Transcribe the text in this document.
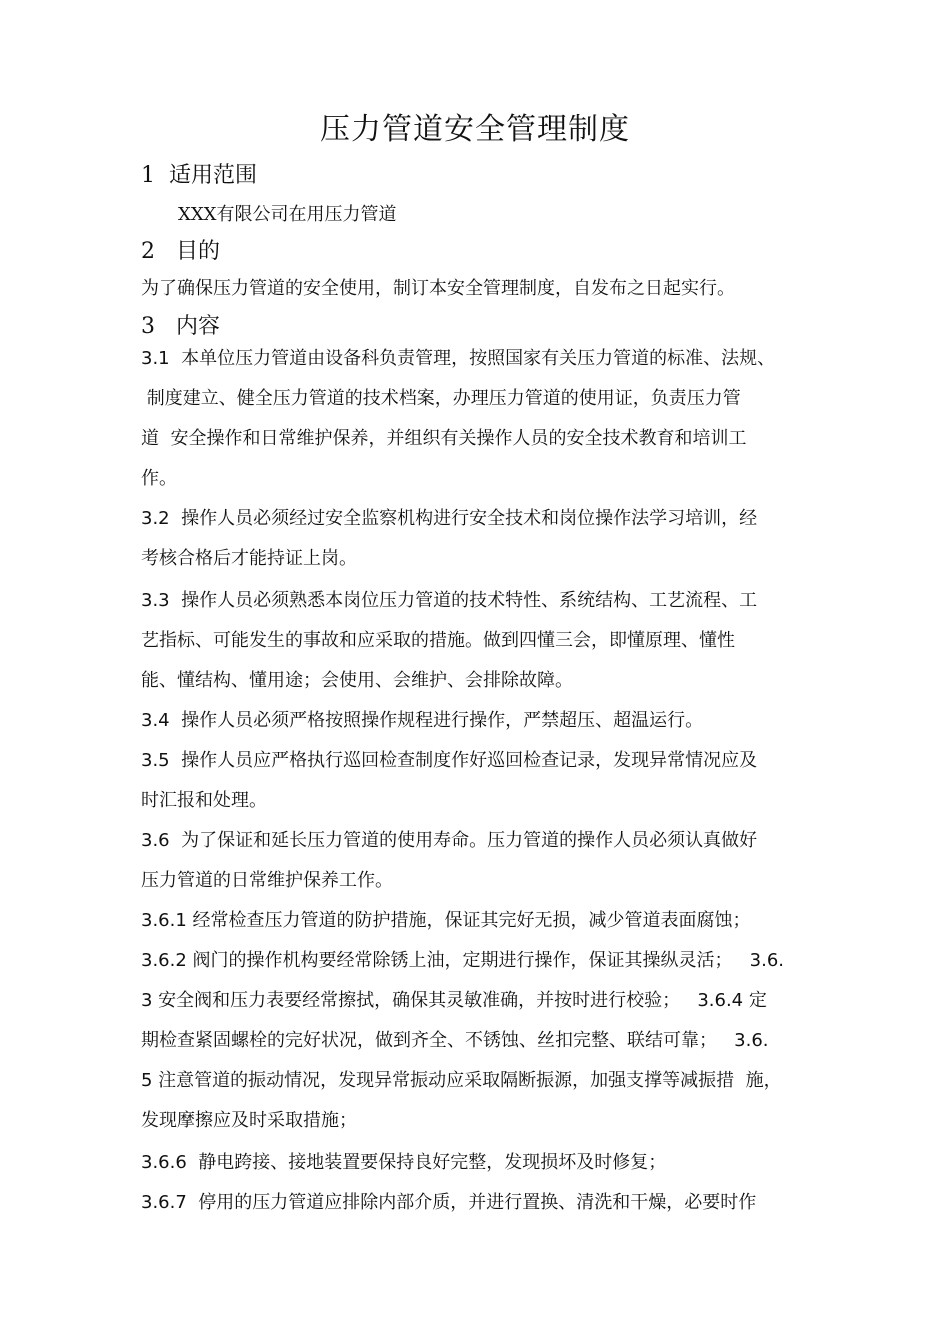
压力管道安全管理制度
1  适用范围
XXX有限公司在用压力管道
2   目的
为了确保压力管道的安全使用，制订本安全管理制度，自发布之日起实行。
3   内容
3.1  本单位压力管道由设备科负责管理，按照国家有关压力管道的标准、法规、
制度建立、健全压力管道的技术档案，办理压力管道的使用证，负责压力管
道  安全操作和日常维护保养，并组织有关操作人员的安全技术教育和培训工
作。
3.2  操作人员必须经过安全监察机构进行安全技术和岗位操作法学习培训，经
考核合格后才能持证上岗。
3.3  操作人员必须熟悉本岗位压力管道的技术特性、系统结构、工艺流程、工
艺指标、可能发生的事故和应采取的措施。做到四懂三会，即懂原理、懂性
能、懂结构、懂用途；会使用、会维护、会排除故障。
3.4  操作人员必须严格按照操作规程进行操作，严禁超压、超温运行。
3.5  操作人员应严格执行巡回检查制度作好巡回检查记录，发现异常情况应及
时汇报和处理。
3.6  为了保证和延长压力管道的使用寿命。压力管道的操作人员必须认真做好
压力管道的日常维护保养工作。
3.6.1 经常检查压力管道的防护措施，保证其完好无损，减少管道表面腐蚀；
3.6.2 阀门的操作机构要经常除锈上油，定期进行操作，保证其操纵灵活；   3.6.
3 安全阀和压力表要经常擦拭，确保其灵敏准确，并按时进行校验；   3.6.4 定
期检查紧固螺栓的完好状况，做到齐全、不锈蚀、丝扣完整、联结可靠；   3.6.
5 注意管道的振动情况，发现异常振动应采取隔断振源，加强支撑等减振措  施，
发现摩擦应及时采取措施；
3.6.6  静电跨接、接地装置要保持良好完整，发现损坏及时修复；
3.6.7  停用的压力管道应排除内部介质，并进行置换、清洗和干燥，必要时作
